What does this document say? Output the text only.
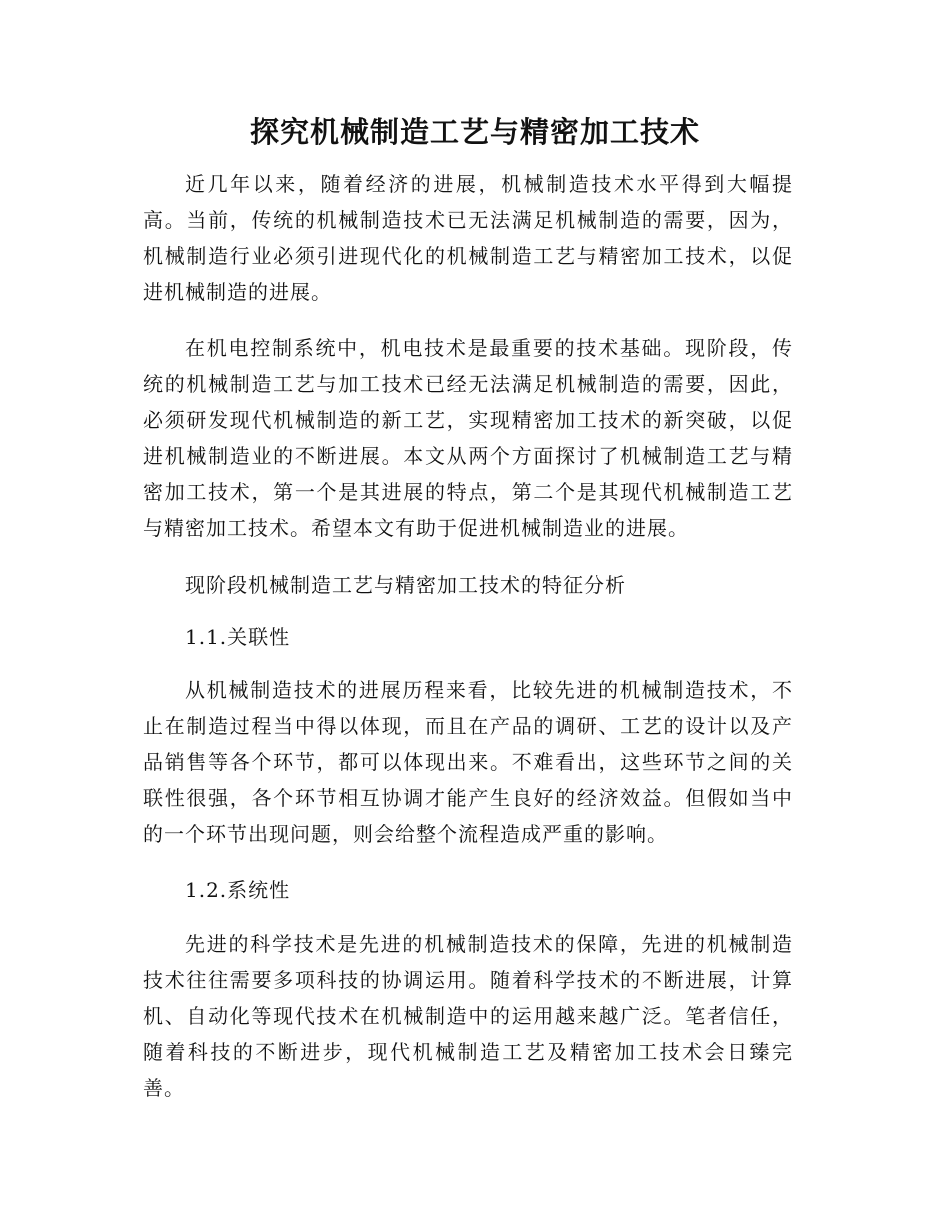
探究机械制造工艺与精密加工技术

近几年以来，随着经济的进展，机械制造技术水平得到大幅提高。当前，传统的机械制造技术已无法满足机械制造的需要，因为，机械制造行业必须引进现代化的机械制造工艺与精密加工技术，以促进机械制造的进展。

在机电控制系统中，机电技术是最重要的技术基础。现阶段，传统的机械制造工艺与加工技术已经无法满足机械制造的需要，因此，必须研发现代机械制造的新工艺，实现精密加工技术的新突破，以促进机械制造业的不断进展。本文从两个方面探讨了机械制造工艺与精密加工技术，第一个是其进展的特点，第二个是其现代机械制造工艺与精密加工技术。希望本文有助于促进机械制造业的进展。

现阶段机械制造工艺与精密加工技术的特征分析

1.1.关联性

从机械制造技术的进展历程来看，比较先进的机械制造技术，不止在制造过程当中得以体现，而且在产品的调研、工艺的设计以及产品销售等各个环节，都可以体现出来。不难看出，这些环节之间的关联性很强，各个环节相互协调才能产生良好的经济效益。但假如当中的一个环节出现问题，则会给整个流程造成严重的影响。

1.2.系统性

先进的科学技术是先进的机械制造技术的保障，先进的机械制造技术往往需要多项科技的协调运用。随着科学技术的不断进展，计算机、自动化等现代技术在机械制造中的运用越来越广泛。笔者信任，随着科技的不断进步，现代机械制造工艺及精密加工技术会日臻完善。
